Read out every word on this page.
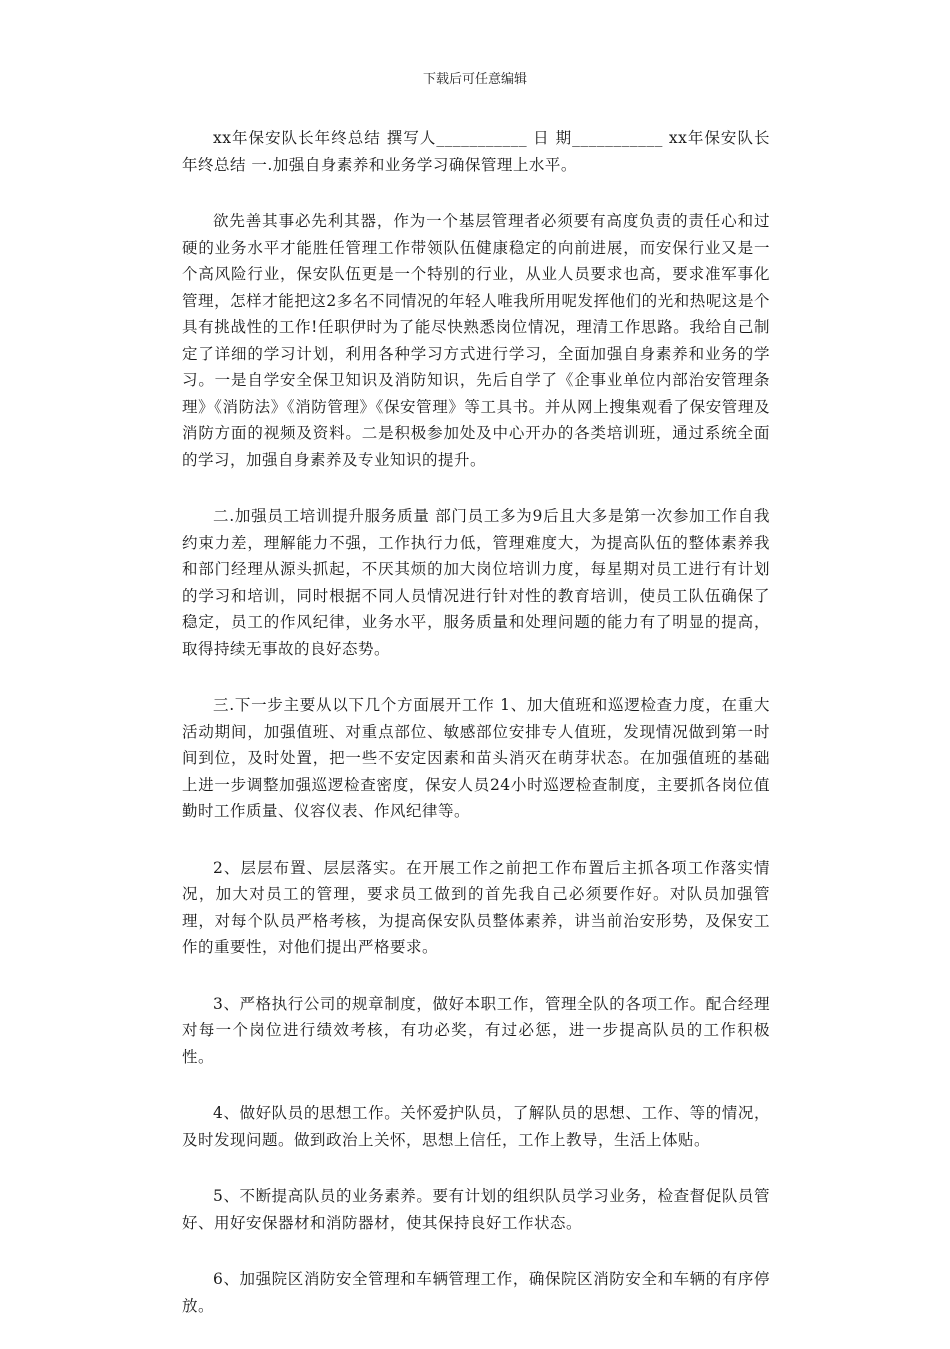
下载后可任意编辑

xx年保安队长年终总结 撰写人___________ 日 期___________ xx年保安队长年终总结 一.加强自身素养和业务学习确保管理上水平。

欲先善其事必先利其器，作为一个基层管理者必须要有高度负责的责任心和过硬的业务水平才能胜任管理工作带领队伍健康稳定的向前进展，而安保行业又是一个高风险行业，保安队伍更是一个特别的行业，从业人员要求也高，要求准军事化管理，怎样才能把这2多名不同情况的年轻人唯我所用呢发挥他们的光和热呢这是个具有挑战性的工作!任职伊时为了能尽快熟悉岗位情况，理清工作思路。我给自己制定了详细的学习计划，利用各种学习方式进行学习，全面加强自身素养和业务的学习。一是自学安全保卫知识及消防知识，先后自学了《企事业单位内部治安管理条理》《消防法》《消防管理》《保安管理》等工具书。并从网上搜集观看了保安管理及消防方面的视频及资料。二是积极参加处及中心开办的各类培训班，通过系统全面的学习，加强自身素养及专业知识的提升。

二.加强员工培训提升服务质量 部门员工多为9后且大多是第一次参加工作自我约束力差，理解能力不强，工作执行力低，管理难度大，为提高队伍的整体素养我和部门经理从源头抓起，不厌其烦的加大岗位培训力度，每星期对员工进行有计划的学习和培训，同时根据不同人员情况进行针对性的教育培训，使员工队伍确保了稳定，员工的作风纪律，业务水平，服务质量和处理问题的能力有了明显的提高，取得持续无事故的良好态势。

三.下一步主要从以下几个方面展开工作 1、加大值班和巡逻检查力度，在重大活动期间，加强值班、对重点部位、敏感部位安排专人值班，发现情况做到第一时间到位，及时处置，把一些不安定因素和苗头消灭在萌芽状态。在加强值班的基础上进一步调整加强巡逻检查密度，保安人员24小时巡逻检查制度，主要抓各岗位值勤时工作质量、仪容仪表、作风纪律等。

2、层层布置、层层落实。在开展工作之前把工作布置后主抓各项工作落实情况，加大对员工的管理，要求员工做到的首先我自己必须要作好。对队员加强管理，对每个队员严格考核，为提高保安队员整体素养，讲当前治安形势，及保安工作的重要性，对他们提出严格要求。

3、严格执行公司的规章制度，做好本职工作，管理全队的各项工作。配合经理对每一个岗位进行绩效考核，有功必奖，有过必惩，进一步提高队员的工作积极性。

4、做好队员的思想工作。关怀爱护队员，了解队员的思想、工作、等的情况，及时发现问题。做到政治上关怀，思想上信任，工作上教导，生活上体贴。

5、不断提高队员的业务素养。要有计划的组织队员学习业务，检查督促队员管好、用好安保器材和消防器材，使其保持良好工作状态。

6、加强院区消防安全管理和车辆管理工作，确保院区消防安全和车辆的有序停放。
